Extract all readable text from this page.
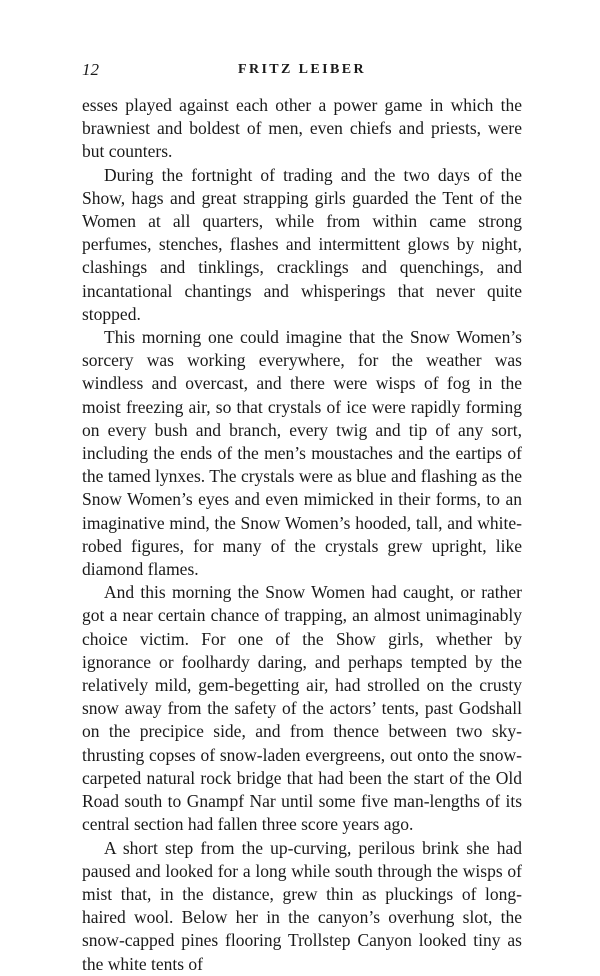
12	FRITZ LEIBER

esses played against each other a power game in which the brawniest and boldest of men, even chiefs and priests, were but counters.

During the fortnight of trading and the two days of the Show, hags and great strapping girls guarded the Tent of the Women at all quarters, while from within came strong perfumes, stenches, flashes and intermittent glows by night, clashings and tinklings, cracklings and quenchings, and incantational chantings and whisperings that never quite stopped.

This morning one could imagine that the Snow Women’s sorcery was working everywhere, for the weather was windless and overcast, and there were wisps of fog in the moist freezing air, so that crystals of ice were rapidly forming on every bush and branch, every twig and tip of any sort, including the ends of the men’s moustaches and the eartips of the tamed lynxes. The crystals were as blue and flashing as the Snow Women’s eyes and even mimicked in their forms, to an imaginative mind, the Snow Women’s hooded, tall, and white-robed figures, for many of the crystals grew upright, like diamond flames.

And this morning the Snow Women had caught, or rather got a near certain chance of trapping, an almost unimaginably choice victim. For one of the Show girls, whether by ignorance or foolhardy daring, and perhaps tempted by the relatively mild, gem-begetting air, had strolled on the crusty snow away from the safety of the actors’ tents, past Godshall on the precipice side, and from thence between two sky-thrusting copses of snow-laden evergreens, out onto the snow-carpeted natural rock bridge that had been the start of the Old Road south to Gnampf Nar until some five man-lengths of its central section had fallen three score years ago.

A short step from the up-curving, perilous brink she had paused and looked for a long while south through the wisps of mist that, in the distance, grew thin as pluckings of long-haired wool. Below her in the canyon’s overhung slot, the snow-capped pines flooring Trollstep Canyon looked tiny as the white tents of
